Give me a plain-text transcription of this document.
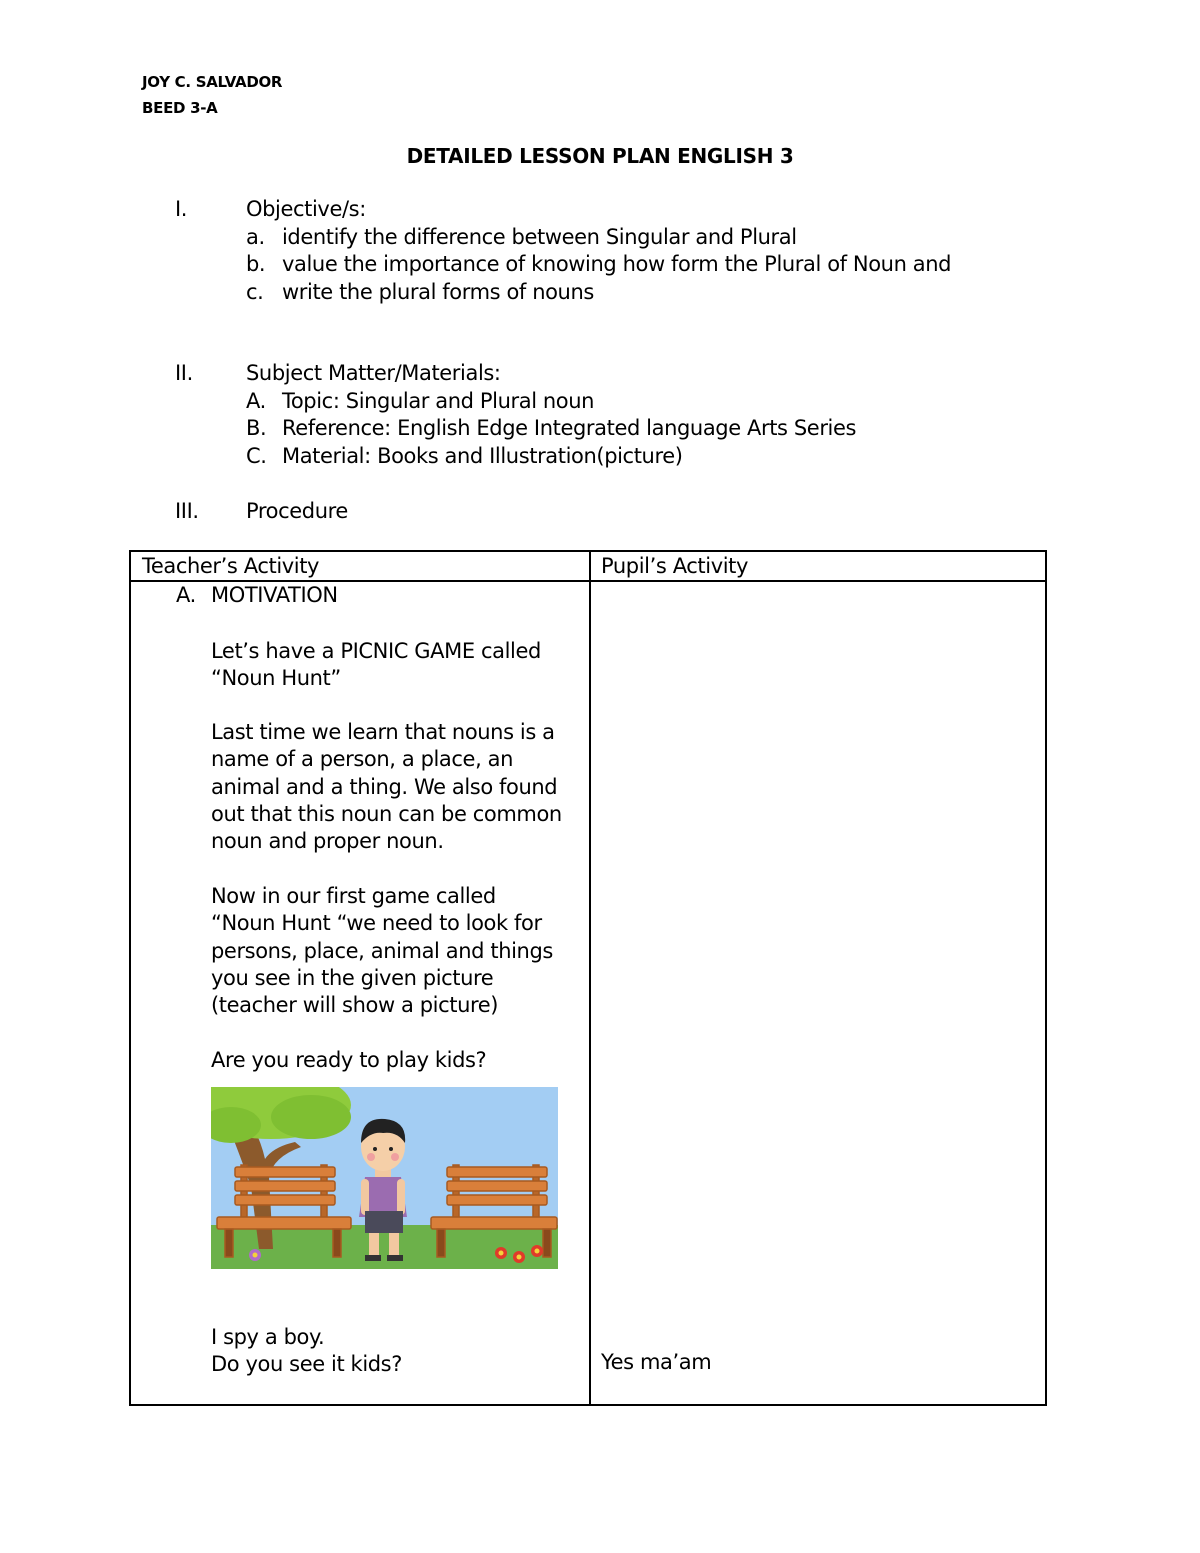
JOY C. SALVADOR
BEED 3-A
DETAILED LESSON PLAN ENGLISH 3
I.	Objective/s:
a. identify the difference between Singular and Plural
b. value the importance of knowing how form the Plural of Noun and
c. write the plural forms of nouns
II.	Subject Matter/Materials:
A. Topic: Singular and Plural noun
B. Reference: English Edge Integrated language Arts Series
C. Material: Books and Illustration(picture)
III. Procedure
Teacher’s Activity	Pupil’s Activity
A. MOTIVATION
Let’s have a PICNIC GAME called
“Noun Hunt”
Last time we learn that nouns is a
name of a person, a place, an
animal and a thing. We also found
out that this noun can be common
noun and proper noun.
Now in our first game called
“Noun Hunt “we need to look for
persons, place, animal and things
you see in the given picture
(teacher will show a picture)
Are you ready to play kids?
I spy a boy.
Do you see it kids?	Yes ma’am
